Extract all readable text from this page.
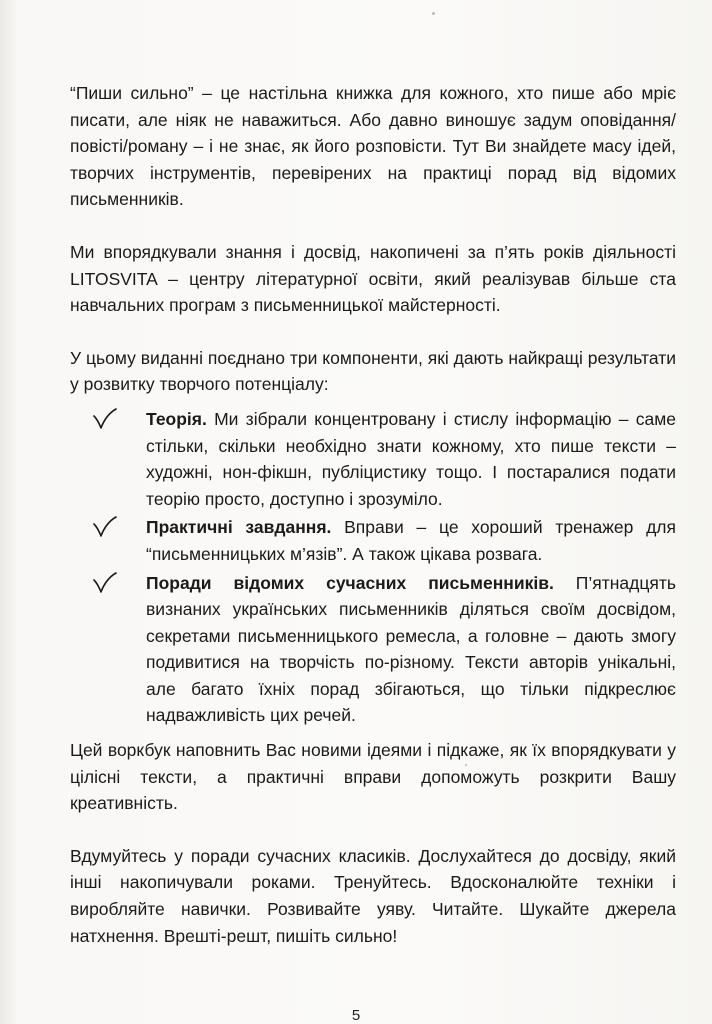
“Пиши сильно” – це настільна книжка для кожного, хто пише або мріє писати, але ніяк не наважиться. Або давно виношує задум оповідання/повісті/роману – і не знає, як його розповісти. Тут Ви знайдете масу ідей, творчих інструментів, перевірених на практиці порад від відомих письменників.

Ми впорядкували знання і досвід, накопичені за п’ять років діяльності LITOSVITA – центру літературної освіти, який реалізував більше ста навчальних програм з письменницької майстерності.

У цьому виданні поєднано три компоненти, які дають найкращі результати у розвитку творчого потенціалу:

Теорія. Ми зібрали концентровану і стислу інформацію – саме стільки, скільки необхідно знати кожному, хто пише тексти – художні, нон-фікшн, публіцистику тощо. І постаралися подати теорію просто, доступно і зрозуміло.
Практичні завдання. Вправи – це хороший тренажер для “письменницьких м’язів”. А також цікава розвага.
Поради відомих сучасних письменників. П’ятнадцять визнаних українських письменників діляться своїм досвідом, секретами письменницького ремесла, а головне – дають змогу подивитися на творчість по-різному. Тексти авторів унікальні, але багато їхніх порад збігаються, що тільки підкреслює надважливість цих речей.

Цей воркбук наповнить Вас новими ідеями і підкаже, як їх впорядкувати у цілісні тексти, а практичні вправи допоможуть розкрити Вашу креативність.

Вдумуйтесь у поради сучасних класиків. Дослухайтеся до досвіду, який інші накопичували роками. Тренуйтесь. Вдосконалюйте техніки і виробляйте навички. Розвивайте уяву. Читайте. Шукайте джерела натхнення. Врешті-решт, пишіть сильно!

5
